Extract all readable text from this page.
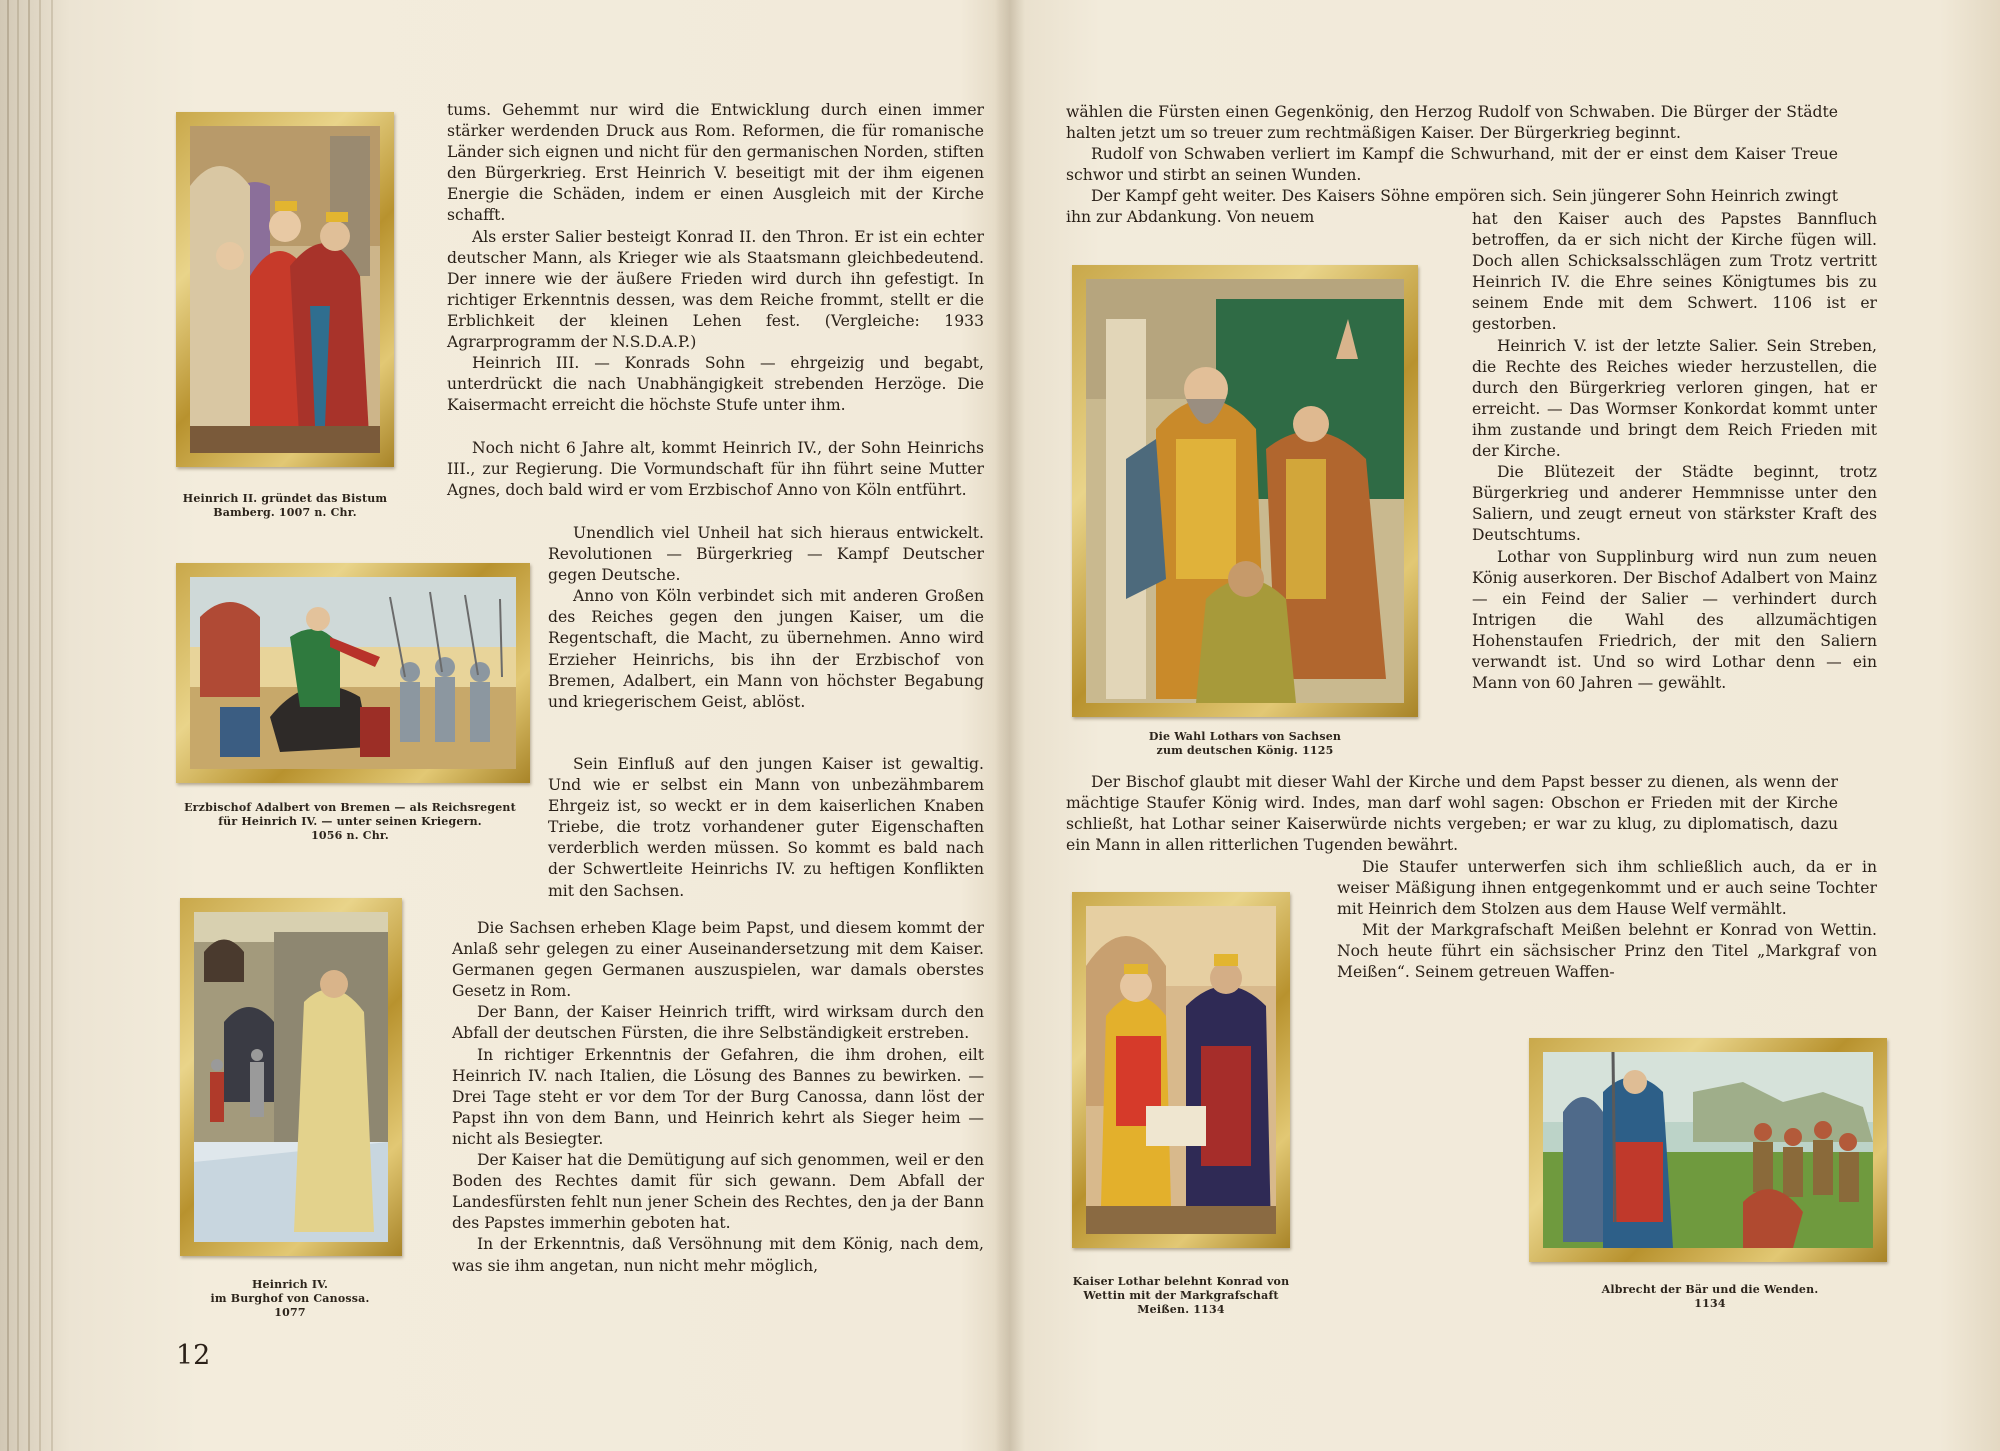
Heinrich II. gründet das Bistum
Bamberg. 1007 n. Chr.
Erzbischof Adalbert von Bremen — als Reichsregent
für Heinrich IV. — unter seinen Kriegern.
1056 n. Chr.
Heinrich IV.
im Burghof von Canossa.
1077

tums. Gehemmt nur wird die Entwicklung durch einen immer stärker werdenden Druck aus Rom. Reformen, die für romanische Länder sich eignen und nicht für den germanischen Norden, stiften den Bürgerkrieg. Erst Heinrich V. beseitigt mit der ihm eigenen Energie die Schäden, indem er einen Ausgleich mit der Kirche schafft.

Als erster Salier besteigt Konrad II. den Thron. Er ist ein echter deutscher Mann, als Krieger wie als Staatsmann gleichbedeutend. Der innere wie der äußere Frieden wird durch ihn gefestigt. In richtiger Erkenntnis dessen, was dem Reiche frommt, stellt er die Erblichkeit der kleinen Lehen fest. (Vergleiche: 1933 Agrarprogramm der N.S.D.A.P.)

Heinrich III. — Konrads Sohn — ehrgeizig und begabt, unterdrückt die nach Unabhängigkeit strebenden Herzöge. Die Kaisermacht erreicht die höchste Stufe unter ihm.

Noch nicht 6 Jahre alt, kommt Heinrich IV., der Sohn Heinrichs III., zur Regierung. Die Vormundschaft für ihn führt seine Mutter Agnes, doch bald wird er vom Erzbischof Anno von Köln entführt.

Unendlich viel Unheil hat sich hieraus entwickelt. Revolutionen — Bürgerkrieg — Kampf Deutscher gegen Deutsche.

Anno von Köln verbindet sich mit anderen Großen des Reiches gegen den jungen Kaiser, um die Regentschaft, die Macht, zu übernehmen. Anno wird Erzieher Heinrichs, bis ihn der Erzbischof von Bremen, Adalbert, ein Mann von höchster Begabung und kriegerischem Geist, ablöst.

Sein Einfluß auf den jungen Kaiser ist gewaltig. Und wie er selbst ein Mann von unbezähmbarem Ehrgeiz ist, so weckt er in dem kaiserlichen Knaben Triebe, die trotz vorhandener guter Eigenschaften verderblich werden müssen. So kommt es bald nach der Schwertleite Heinrichs IV. zu heftigen Konflikten mit den Sachsen.

Die Sachsen erheben Klage beim Papst, und diesem kommt der Anlaß sehr gelegen zu einer Auseinandersetzung mit dem Kaiser. Germanen gegen Germanen auszuspielen, war damals oberstes Gesetz in Rom.

Der Bann, der Kaiser Heinrich trifft, wird wirksam durch den Abfall der deutschen Fürsten, die ihre Selbständigkeit erstreben.

In richtiger Erkenntnis der Gefahren, die ihm drohen, eilt Heinrich IV. nach Italien, die Lösung des Bannes zu bewirken. — Drei Tage steht er vor dem Tor der Burg Canossa, dann löst der Papst ihn von dem Bann, und Heinrich kehrt als Sieger heim — nicht als Besiegter.

Der Kaiser hat die Demütigung auf sich genommen, weil er den Boden des Rechtes damit für sich gewann. Dem Abfall der Landesfürsten fehlt nun jener Schein des Rechtes, den ja der Bann des Papstes immerhin geboten hat.

In der Erkenntnis, daß Versöhnung mit dem König, nach dem, was sie ihm angetan, nun nicht mehr möglich,

12

wählen die Fürsten einen Gegenkönig, den Herzog Rudolf von Schwaben. Die Bürger der Städte halten jetzt um so treuer zum rechtmäßigen Kaiser. Der Bürgerkrieg beginnt.

Rudolf von Schwaben verliert im Kampf die Schwurhand, mit der er einst dem Kaiser Treue schwor und stirbt an seinen Wunden.

Der Kampf geht weiter. Des Kaisers Söhne empören sich. Sein jüngerer Sohn Heinrich zwingt ihn zur Abdankung. Von neuem

Die Wahl Lothars von Sachsen
zum deutschen König. 1125

hat den Kaiser auch des Papstes Bannfluch betroffen, da er sich nicht der Kirche fügen will. Doch allen Schicksalsschlägen zum Trotz vertritt Heinrich IV. die Ehre seines Königtumes bis zu seinem Ende mit dem Schwert. 1106 ist er gestorben.

Heinrich V. ist der letzte Salier. Sein Streben, die Rechte des Reiches wieder herzustellen, die durch den Bürgerkrieg verloren gingen, hat er erreicht. — Das Wormser Konkordat kommt unter ihm zustande und bringt dem Reich Frieden mit der Kirche.

Die Blütezeit der Städte beginnt, trotz Bürgerkrieg und anderer Hemmnisse unter den Saliern, und zeugt erneut von stärkster Kraft des Deutschtums.

Lothar von Supplinburg wird nun zum neuen König auserkoren. Der Bischof Adalbert von Mainz — ein Feind der Salier — verhindert durch Intrigen die Wahl des allzumächtigen Hohenstaufen Friedrich, der mit den Saliern verwandt ist. Und so wird Lothar denn — ein Mann von 60 Jahren — gewählt.

Der Bischof glaubt mit dieser Wahl der Kirche und dem Papst besser zu dienen, als wenn der mächtige Staufer König wird. Indes, man darf wohl sagen: Obschon er Frieden mit der Kirche schließt, hat Lothar seiner Kaiserwürde nichts vergeben; er war zu klug, zu diplomatisch, dazu ein Mann in allen ritterlichen Tugenden bewährt.

Kaiser Lothar belehnt Konrad von
Wettin mit der Markgrafschaft
Meißen. 1134

Die Staufer unterwerfen sich ihm schließlich auch, da er in weiser Mäßigung ihnen entgegenkommt und er auch seine Tochter mit Heinrich dem Stolzen aus dem Hause Welf vermählt.

Mit der Markgrafschaft Meißen belehnt er Konrad von Wettin. Noch heute führt ein sächsischer Prinz den Titel „Markgraf von Meißen“. Seinem getreuen Waffen-

Albrecht der Bär und die Wenden.
1134
